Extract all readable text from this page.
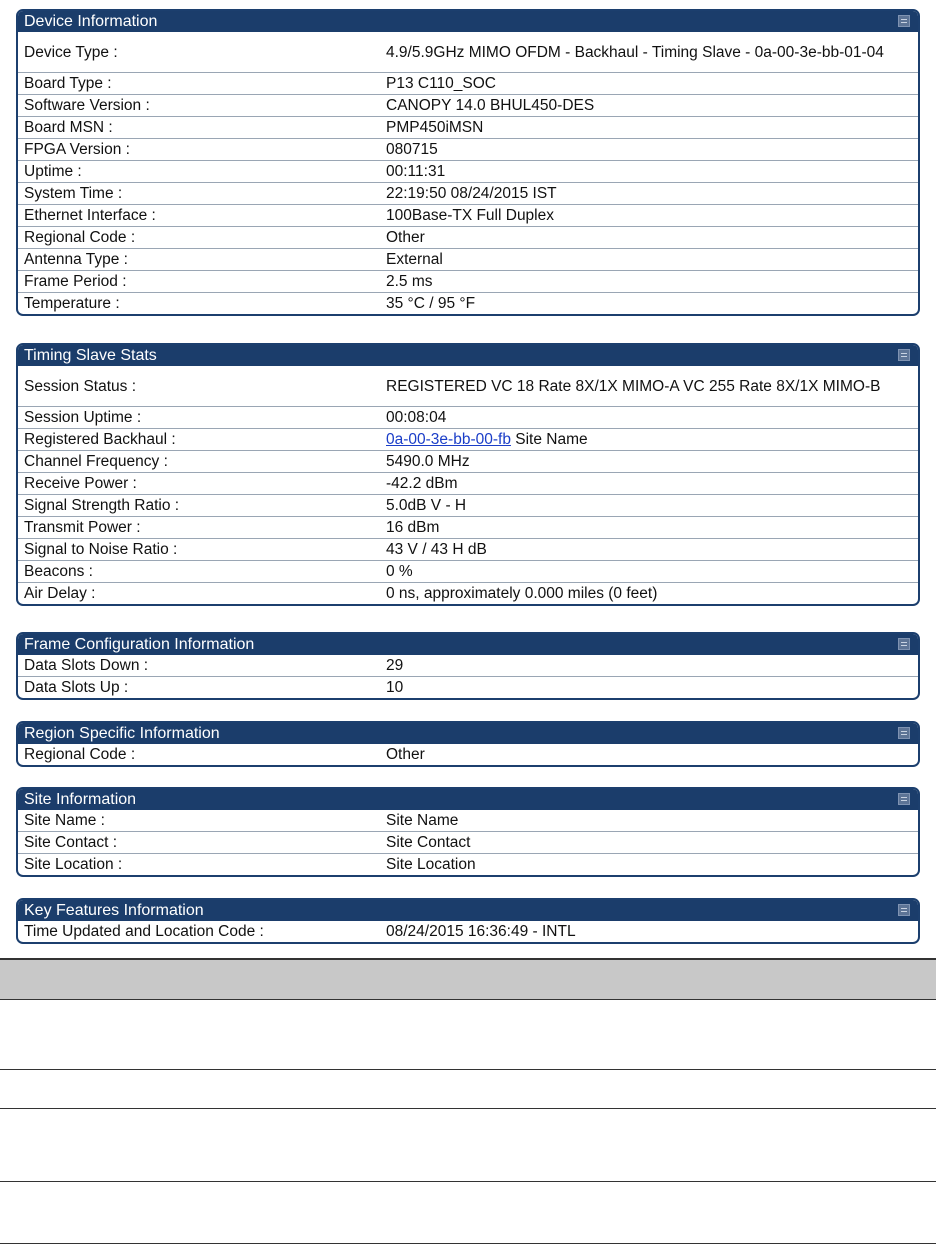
Device Information
Device Type :	4.9/5.9GHz MIMO OFDM - Backhaul - Timing Slave - 0a-00-3e-bb-01-04
Board Type :	P13 C110_SOC
Software Version :	CANOPY 14.0 BHUL450-DES
Board MSN :	PMP450iMSN
FPGA Version :	080715
Uptime :	00:11:31
System Time :	22:19:50 08/24/2015 IST
Ethernet Interface :	100Base-TX Full Duplex
Regional Code :	Other
Antenna Type :	External
Frame Period :	2.5 ms
Temperature :	35 °C / 95 °F
Timing Slave Stats
Session Status :	REGISTERED VC 18 Rate 8X/1X MIMO-A VC 255 Rate 8X/1X MIMO-B
Session Uptime :	00:08:04
Registered Backhaul :	0a-00-3e-bb-00-fb Site Name
Channel Frequency :	5490.0 MHz
Receive Power :	-42.2 dBm
Signal Strength Ratio :	5.0dB V - H
Transmit Power :	16 dBm
Signal to Noise Ratio :	43 V / 43 H dB
Beacons :	0 %
Air Delay :	0 ns, approximately 0.000 miles (0 feet)
Frame Configuration Information
Data Slots Down :	29
Data Slots Up :	10
Region Specific Information
Regional Code :	Other
Site Information
Site Name :	Site Name
Site Contact :	Site Contact
Site Location :	Site Location
Key Features Information
Time Updated and Location Code :	08/24/2015 16:36:49 - INTL
